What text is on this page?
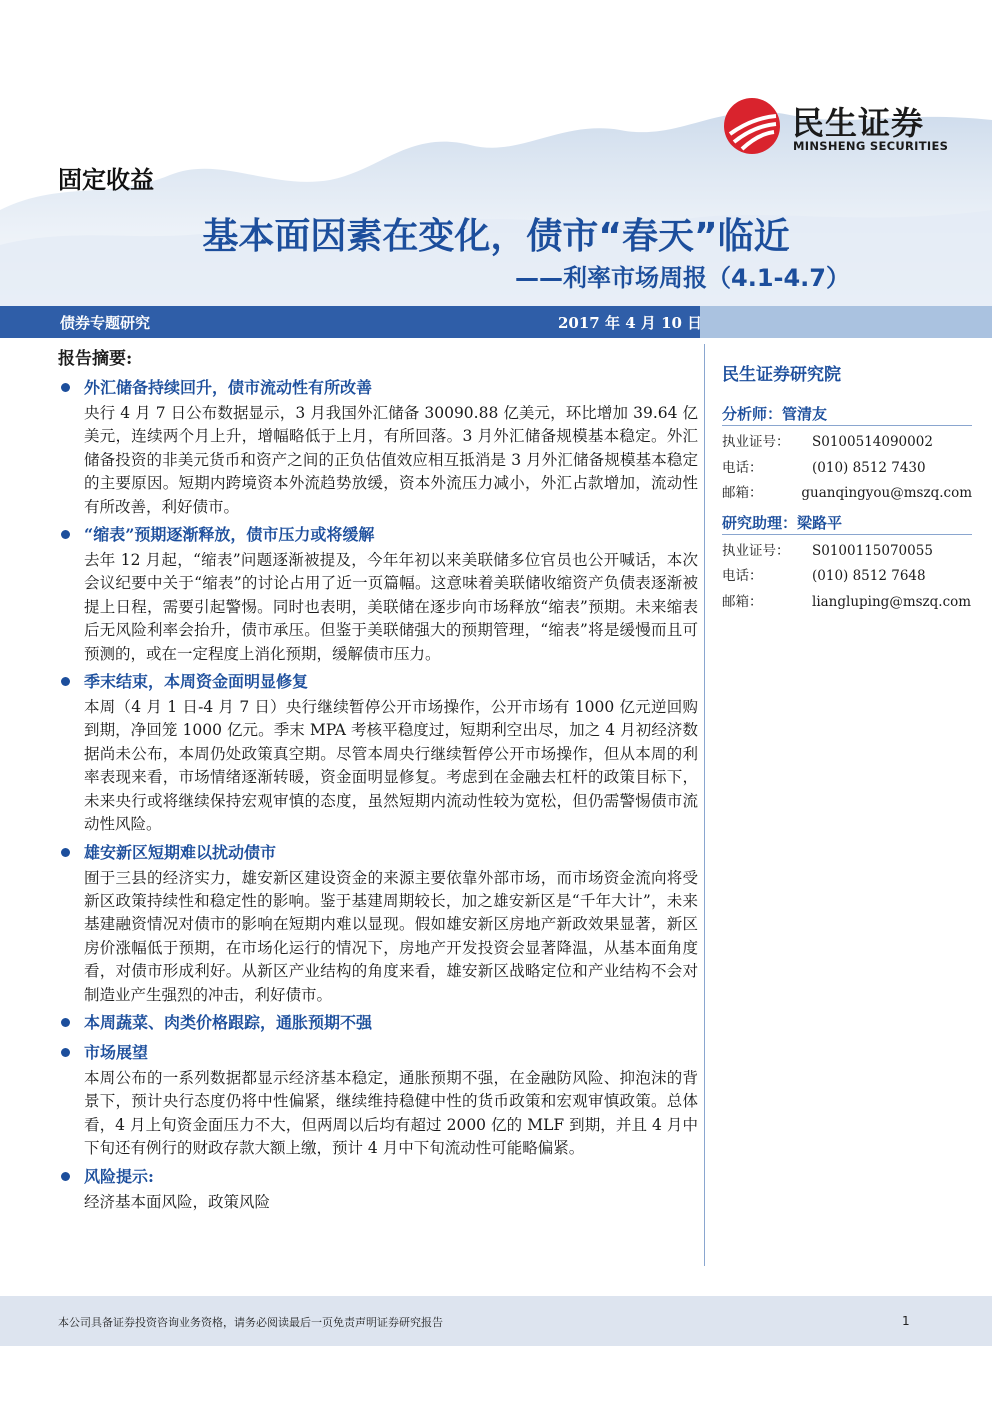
民生证券
MINSHENG SECURITIES
固定收益
基本面因素在变化，债市“春天”临近
——利率市场周报（4.1-4.7）
债券专题研究	2017 年 4 月 10 日
报告摘要:
外汇储备持续回升，债市流动性有所改善
央行 4 月 7 日公布数据显示，3 月我国外汇储备 30090.88 亿美元，环比增加 39.64 亿美元，连续两个月上升，增幅略低于上月，有所回落。3 月外汇储备规模基本稳定。外汇储备投资的非美元货币和资产之间的正负估值效应相互抵消是 3 月外汇储备规模基本稳定的主要原因。短期内跨境资本外流趋势放缓，资本外流压力减小，外汇占款增加，流动性有所改善，利好债市。
“缩表”预期逐渐释放，债市压力或将缓解
去年 12 月起，“缩表”问题逐渐被提及，今年年初以来美联储多位官员也公开喊话，本次会议纪要中关于“缩表”的讨论占用了近一页篇幅。这意味着美联储收缩资产负债表逐渐被提上日程，需要引起警惕。同时也表明，美联储在逐步向市场释放“缩表”预期。未来缩表后无风险利率会抬升，债市承压。但鉴于美联储强大的预期管理，“缩表”将是缓慢而且可预测的，或在一定程度上消化预期，缓解债市压力。
季末结束，本周资金面明显修复
本周（4 月 1 日-4 月 7 日）央行继续暂停公开市场操作，公开市场有 1000 亿元逆回购到期，净回笼 1000 亿元。季末 MPA 考核平稳度过，短期利空出尽，加之 4 月初经济数据尚未公布，本周仍处政策真空期。尽管本周央行继续暂停公开市场操作，但从本周的利率表现来看，市场情绪逐渐转暖，资金面明显修复。考虑到在金融去杠杆的政策目标下，未来央行或将继续保持宏观审慎的态度，虽然短期内流动性较为宽松，但仍需警惕债市流动性风险。
雄安新区短期难以扰动债市
囿于三县的经济实力，雄安新区建设资金的来源主要依靠外部市场，而市场资金流向将受新区政策持续性和稳定性的影响。鉴于基建周期较长，加之雄安新区是“千年大计”，未来基建融资情况对债市的影响在短期内难以显现。假如雄安新区房地产新政效果显著，新区房价涨幅低于预期，在市场化运行的情况下，房地产开发投资会显著降温，从基本面角度看，对债市形成利好。从新区产业结构的角度来看，雄安新区战略定位和产业结构不会对制造业产生强烈的冲击，利好债市。
本周蔬菜、肉类价格跟踪，通胀预期不强
市场展望
本周公布的一系列数据都显示经济基本稳定，通胀预期不强，在金融防风险、抑泡沫的背景下，预计央行态度仍将中性偏紧，继续维持稳健中性的货币政策和宏观审慎政策。总体看，4 月上旬资金面压力不大，但两周以后均有超过 2000 亿的 MLF 到期，并且 4 月中下旬还有例行的财政存款大额上缴，预计 4 月中下旬流动性可能略偏紧。
风险提示:
经济基本面风险，政策风险
民生证券研究院
分析师：管清友
执业证号：	S0100514090002
电话：	(010) 8512 7430
邮箱：	guanqingyou@mszq.com
研究助理：梁路平
执业证号：	S0100115070055
电话：	(010) 8512 7648
邮箱：	liangluping@mszq.com
本公司具备证券投资咨询业务资格，请务必阅读最后一页免责声明证券研究报告	1
